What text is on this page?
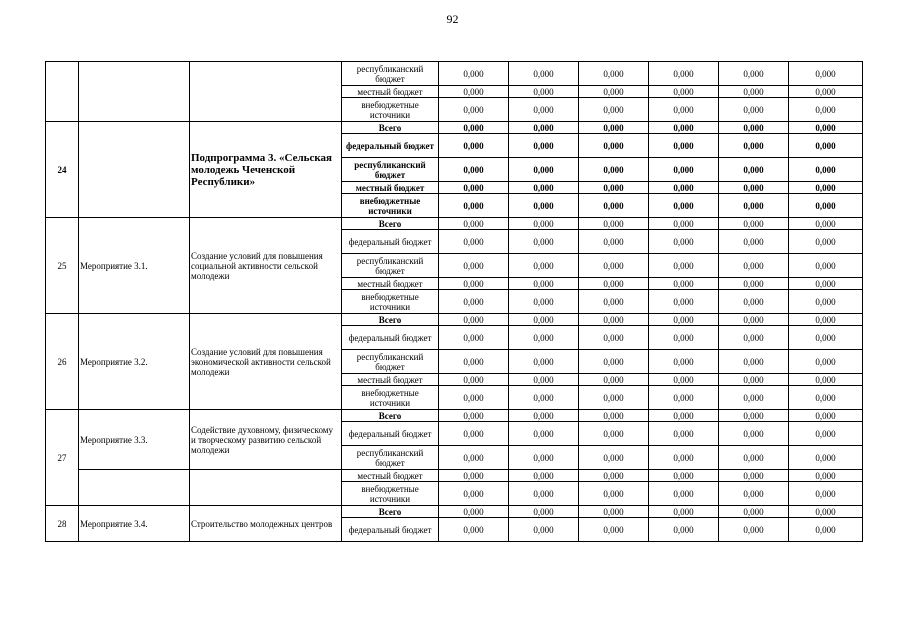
92
			республиканский бюджет	0,000	0,000	0,000	0,000	0,000	0,000
			местный бюджет	0,000	0,000	0,000	0,000	0,000	0,000
			внебюджетные источники	0,000	0,000	0,000	0,000	0,000	0,000
24		Подпрограмма 3. «Сельская молодежь Чеченской Республики»	Всего	0,000	0,000	0,000	0,000	0,000	0,000
			федеральный бюджет	0,000	0,000	0,000	0,000	0,000	0,000
			республиканский бюджет	0,000	0,000	0,000	0,000	0,000	0,000
			местный бюджет	0,000	0,000	0,000	0,000	0,000	0,000
			внебюджетные источники	0,000	0,000	0,000	0,000	0,000	0,000
25	Мероприятие 3.1.	Создание условий для повышения социальной активности сельской молодежи	Всего	0,000	0,000	0,000	0,000	0,000	0,000
			федеральный бюджет	0,000	0,000	0,000	0,000	0,000	0,000
			республиканский бюджет	0,000	0,000	0,000	0,000	0,000	0,000
			местный бюджет	0,000	0,000	0,000	0,000	0,000	0,000
			внебюджетные источники	0,000	0,000	0,000	0,000	0,000	0,000
26	Мероприятие 3.2.	Создание условий для повышения экономической активности сельской молодежи	Всего	0,000	0,000	0,000	0,000	0,000	0,000
			федеральный бюджет	0,000	0,000	0,000	0,000	0,000	0,000
			республиканский бюджет	0,000	0,000	0,000	0,000	0,000	0,000
			местный бюджет	0,000	0,000	0,000	0,000	0,000	0,000
			внебюджетные источники	0,000	0,000	0,000	0,000	0,000	0,000
27	Мероприятие 3.3.	Содействие духовному, физическому и творческому развитию сельской молодежи	Всего	0,000	0,000	0,000	0,000	0,000	0,000
			федеральный бюджет	0,000	0,000	0,000	0,000	0,000	0,000
			республиканский бюджет	0,000	0,000	0,000	0,000	0,000	0,000
			местный бюджет	0,000	0,000	0,000	0,000	0,000	0,000
			внебюджетные источники	0,000	0,000	0,000	0,000	0,000	0,000
28	Мероприятие 3.4.	Строительство молодежных центров	Всего	0,000	0,000	0,000	0,000	0,000	0,000
			федеральный бюджет	0,000	0,000	0,000	0,000	0,000	0,000
